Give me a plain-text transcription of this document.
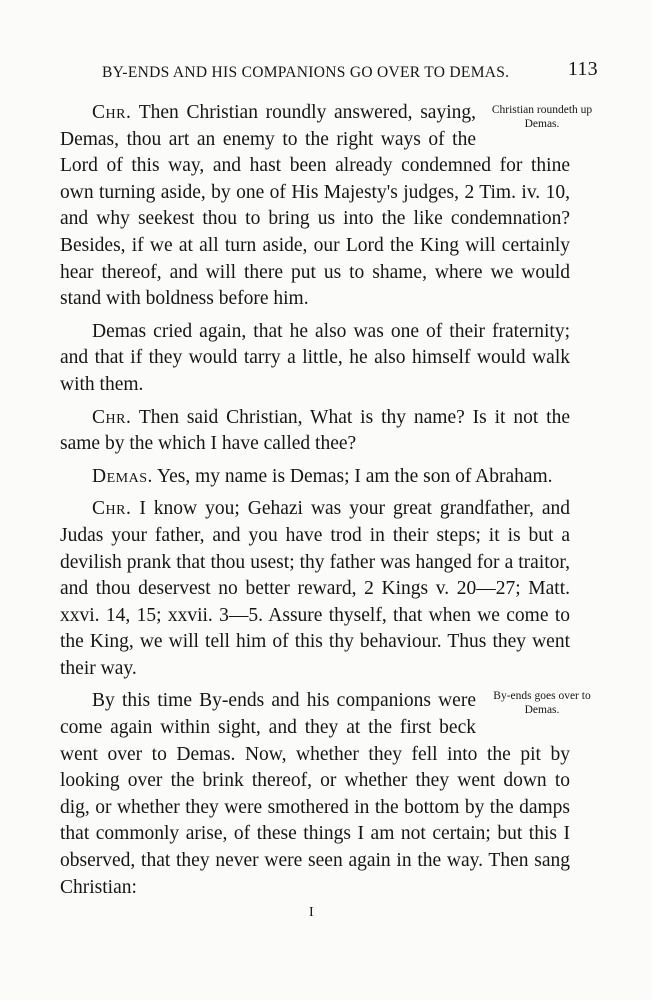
BY-ENDS AND HIS COMPANIONS GO OVER TO DEMAS.	113

Christian roundeth up Demas.
Chr. Then Christian roundly answered, saying, Demas, thou art an enemy to the right ways of the Lord of this way, and hast been already condemned for thine own turning aside, by one of His Majesty's judges, 2 Tim. iv. 10, and why seekest thou to bring us into the like condemnation? Besides, if we at all turn aside, our Lord the King will certainly hear thereof, and will there put us to shame, where we would stand with boldness before him.

Demas cried again, that he also was one of their fraternity; and that if they would tarry a little, he also himself would walk with them.

Chr. Then said Christian, What is thy name? Is it not the same by the which I have called thee?

Demas. Yes, my name is Demas; I am the son of Abraham.

Chr. I know you; Gehazi was your great grandfather, and Judas your father, and you have trod in their steps; it is but a devilish prank that thou usest; thy father was hanged for a traitor, and thou deservest no better reward, 2 Kings v. 20—27; Matt. xxvi. 14, 15; xxvii. 3—5. Assure thyself, that when we come to the King, we will tell him of this thy behaviour. Thus they went their way.

By-ends goes over to Demas.
By this time By-ends and his companions were come again within sight, and they at the first beck went over to Demas. Now, whether they fell into the pit by looking over the brink thereof, or whether they went down to dig, or whether they were smothered in the bottom by the damps that commonly arise, of these things I am not certain; but this I observed, that they never were seen again in the way. Then sang Christian:

I
